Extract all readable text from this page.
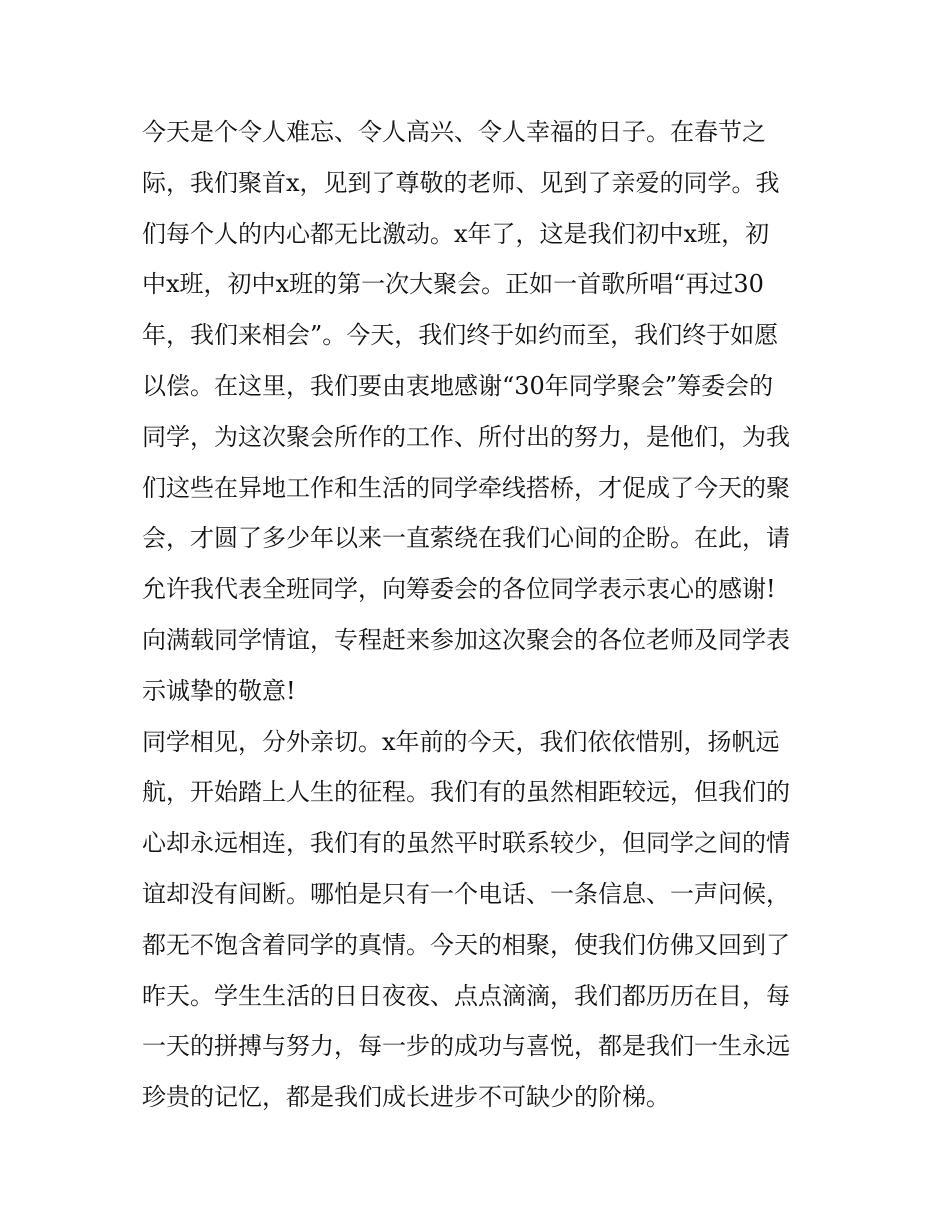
今天是个令人难忘、令人高兴、令人幸福的日子。在春节之
际，我们聚首x，见到了尊敬的老师、见到了亲爱的同学。我
们每个人的内心都无比激动。x年了，这是我们初中x班，初
中x班，初中x班的第一次大聚会。正如一首歌所唱“再过30
年，我们来相会”。今天，我们终于如约而至，我们终于如愿
以偿。在这里，我们要由衷地感谢“30年同学聚会”筹委会的
同学，为这次聚会所作的工作、所付出的努力，是他们，为我
们这些在异地工作和生活的同学牵线搭桥，才促成了今天的聚
会，才圆了多少年以来一直萦绕在我们心间的企盼。在此，请
允许我代表全班同学，向筹委会的各位同学表示衷心的感谢!
向满载同学情谊，专程赶来参加这次聚会的各位老师及同学表
示诚挚的敬意!
同学相见，分外亲切。x年前的今天，我们依依惜别，扬帆远
航，开始踏上人生的征程。我们有的虽然相距较远，但我们的
心却永远相连，我们有的虽然平时联系较少，但同学之间的情
谊却没有间断。哪怕是只有一个电话、一条信息、一声问候，
都无不饱含着同学的真情。今天的相聚，使我们仿佛又回到了
昨天。学生生活的日日夜夜、点点滴滴，我们都历历在目，每
一天的拼搏与努力，每一步的成功与喜悦，都是我们一生永远
珍贵的记忆，都是我们成长进步不可缺少的阶梯。
